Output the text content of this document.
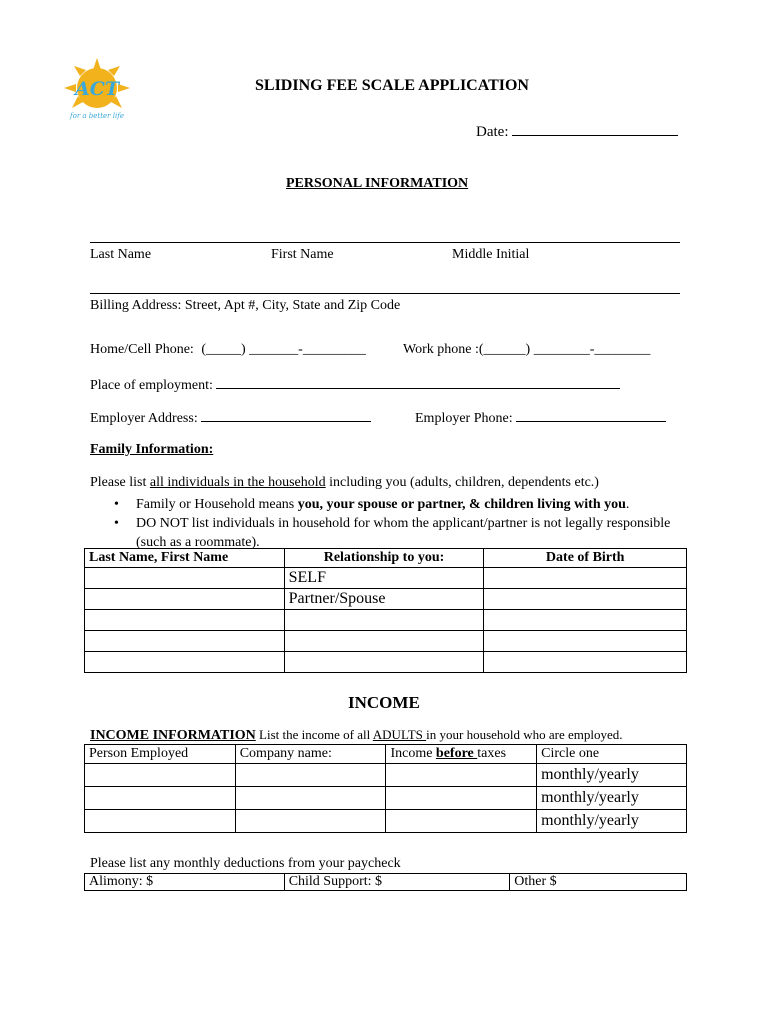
ACT
for a better life
SLIDING FEE SCALE APPLICATION
Date:
PERSONAL INFORMATION
Last Name	First Name	Middle Initial
Billing Address: Street, Apt #, City, State and Zip Code
Home/Cell Phone: (_____) _______-_________	Work phone :(______) ________-________
Place of employment:
Employer Address:	Employer Phone:
Family Information:
Please list all individuals in the household including you (adults, children, dependents etc.)
• Family or Household means you, your spouse or partner, & children living with you.
• DO NOT list individuals in household for whom the applicant/partner is not legally responsible (such as a roommate).
Last Name, First Name	Relationship to you:	Date of Birth
	SELF	
	Partner/Spouse	

INCOME
INCOME INFORMATION List the income of all ADULTS in your household who are employed.
Person Employed	Company name:	Income before taxes	Circle one
			monthly/yearly
			monthly/yearly
			monthly/yearly
Please list any monthly deductions from your paycheck
Alimony: $	Child Support: $	Other $
